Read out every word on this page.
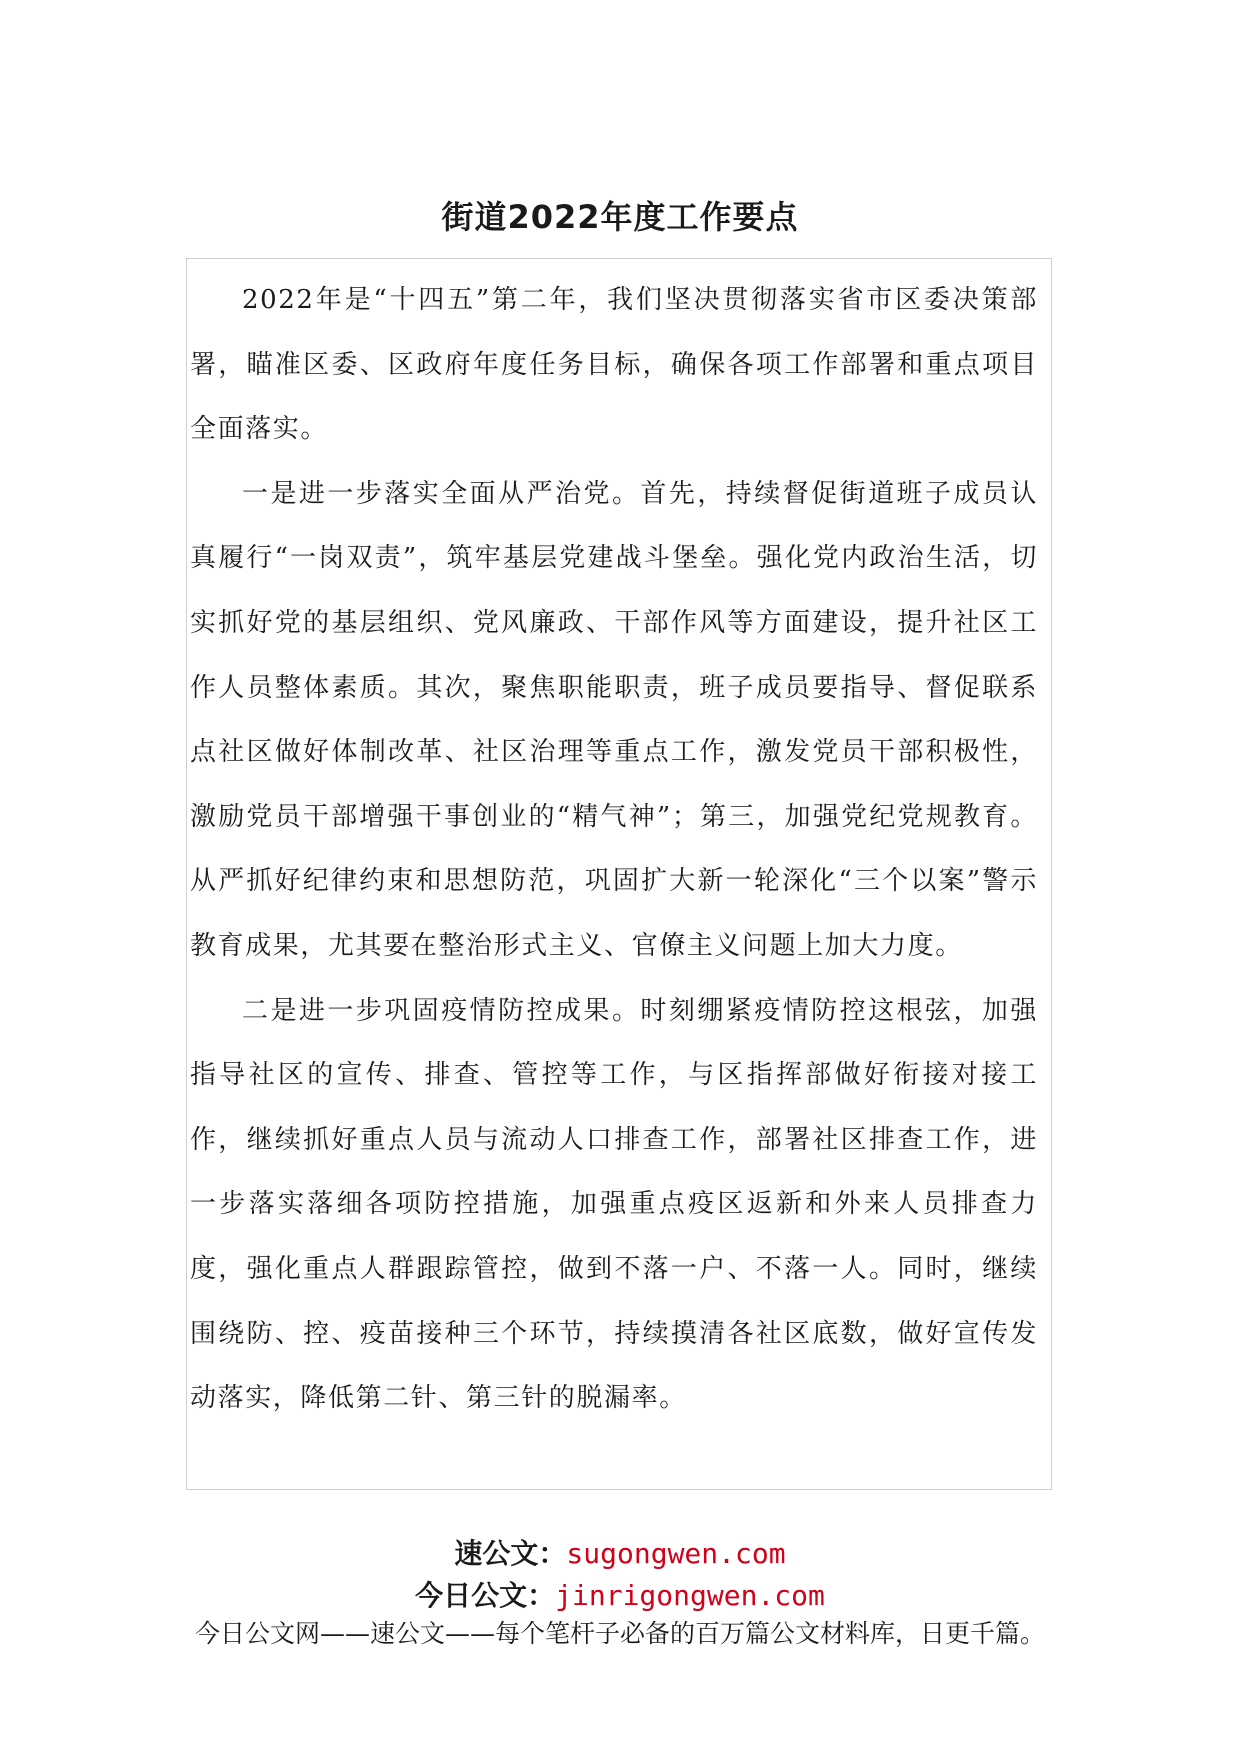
街道2022年度工作要点

2022年是“十四五”第二年，我们坚决贯彻落实省市区委决策部署，瞄准区委、区政府年度任务目标，确保各项工作部署和重点项目全面落实。

一是进一步落实全面从严治党。首先，持续督促街道班子成员认真履行“一岗双责”，筑牢基层党建战斗堡垒。强化党内政治生活，切实抓好党的基层组织、党风廉政、干部作风等方面建设，提升社区工作人员整体素质。其次，聚焦职能职责，班子成员要指导、督促联系点社区做好体制改革、社区治理等重点工作，激发党员干部积极性，激励党员干部增强干事创业的“精气神”；第三，加强党纪党规教育。从严抓好纪律约束和思想防范，巩固扩大新一轮深化“三个以案”警示教育成果，尤其要在整治形式主义、官僚主义问题上加大力度。

二是进一步巩固疫情防控成果。时刻绷紧疫情防控这根弦，加强指导社区的宣传、排查、管控等工作，与区指挥部做好衔接对接工作，继续抓好重点人员与流动人口排查工作，部署社区排查工作，进一步落实落细各项防控措施，加强重点疫区返新和外来人员排查力度，强化重点人群跟踪管控，做到不落一户、不落一人。同时，继续围绕防、控、疫苗接种三个环节，持续摸清各社区底数，做好宣传发动落实，降低第二针、第三针的脱漏率。

速公文：sugongwen.com
今日公文：jinrigongwen.com
今日公文网——速公文——每个笔杆子必备的百万篇公文材料库，日更千篇。
